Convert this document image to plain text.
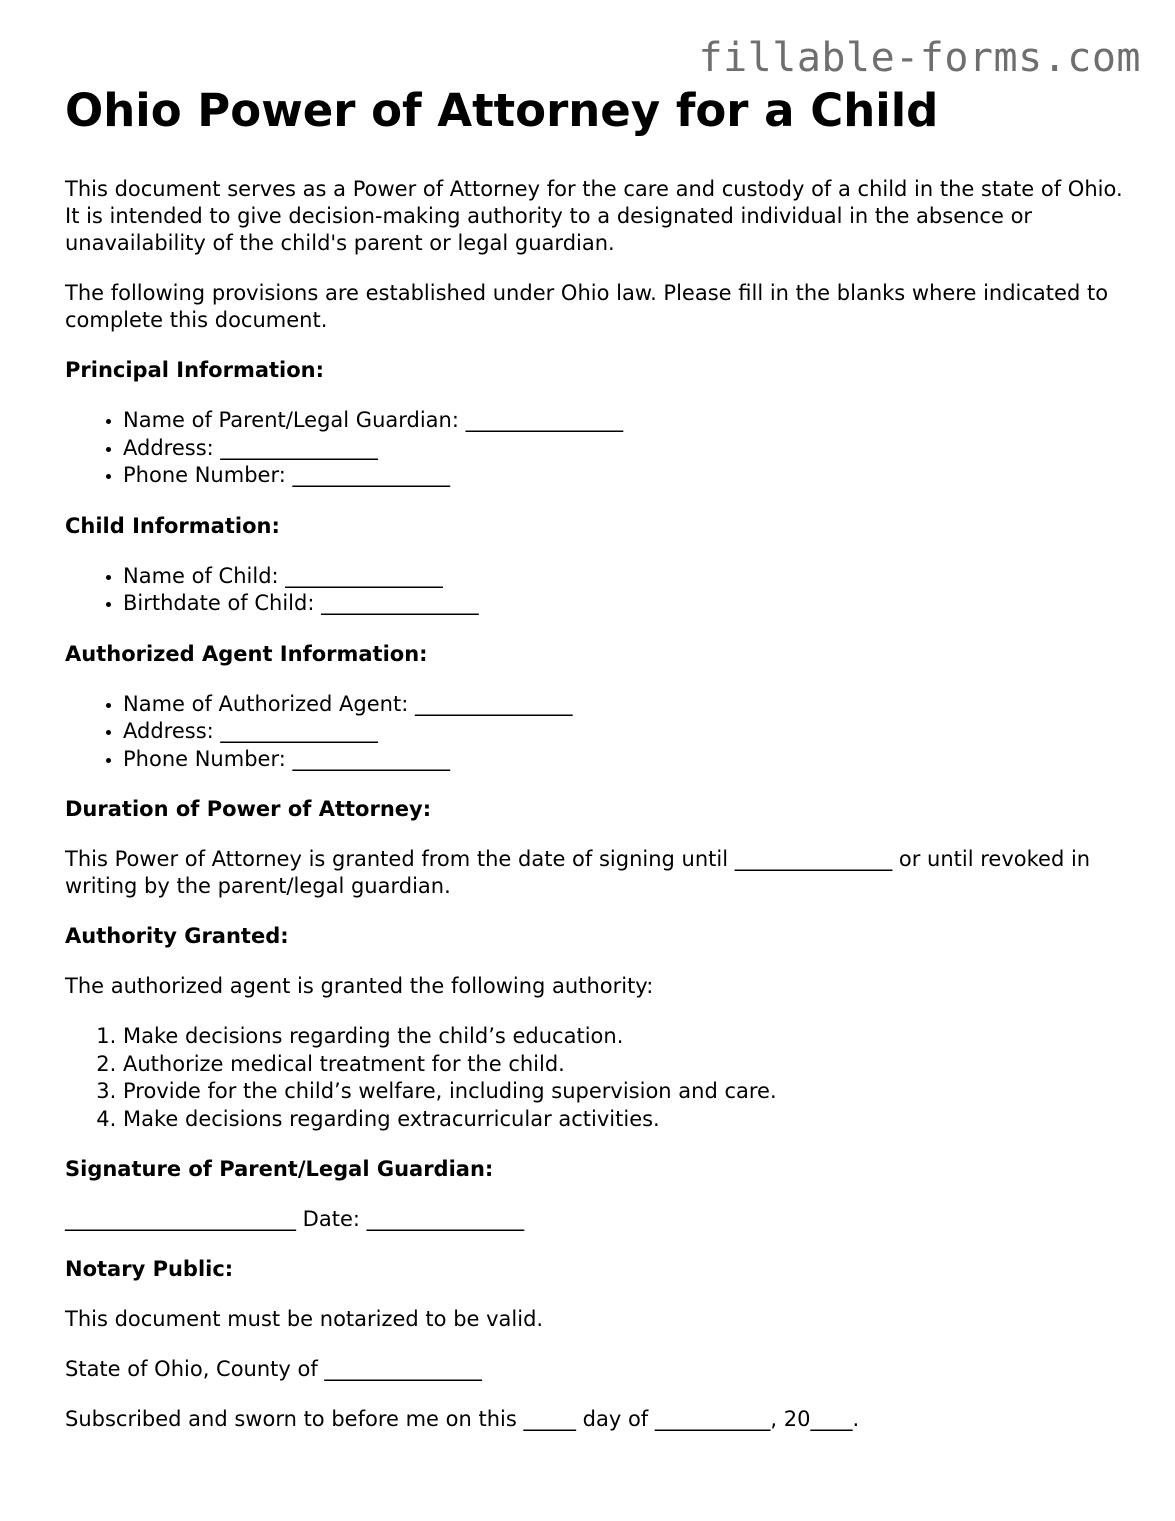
fillable-forms.com
Ohio Power of Attorney for a Child

This document serves as a Power of Attorney for the care and custody of a child in the state of Ohio. It is intended to give decision-making authority to a designated individual in the absence or unavailability of the child's parent or legal guardian.

The following provisions are established under Ohio law. Please fill in the blanks where indicated to complete this document.

Principal Information:
• Name of Parent/Legal Guardian: _______________
• Address: _______________
• Phone Number: _______________
Child Information:
• Name of Child: _______________
• Birthdate of Child: _______________
Authorized Agent Information:
• Name of Authorized Agent: _______________
• Address: _______________
• Phone Number: _______________
Duration of Power of Attorney:

This Power of Attorney is granted from the date of signing until _______________ or until revoked in writing by the parent/legal guardian.

Authority Granted:

The authorized agent is granted the following authority:

1. Make decisions regarding the child’s education.
2. Authorize medical treatment for the child.
3. Provide for the child’s welfare, including supervision and care.
4. Make decisions regarding extracurricular activities.
Signature of Parent/Legal Guardian:

______________________ Date: _______________

Notary Public:

This document must be notarized to be valid.

State of Ohio, County of _______________

Subscribed and sworn to before me on this _____ day of ___________, 20____.
